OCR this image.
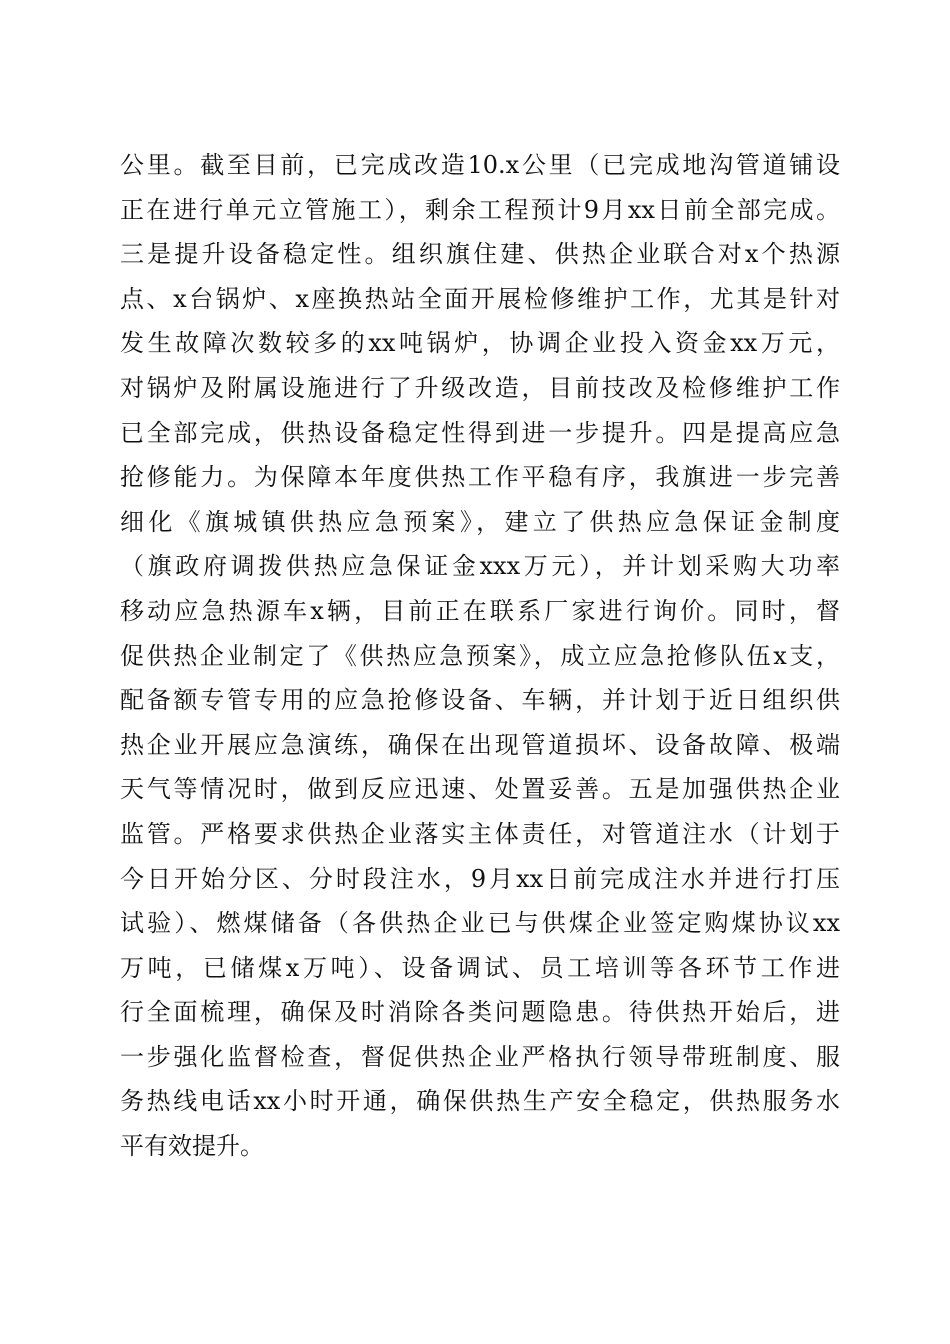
公里。截至目前，已完成改造10.x公里（已完成地沟管道铺设
正在进行单元立管施工），剩余工程预计9月xx日前全部完成。
三是提升设备稳定性。组织旗住建、供热企业联合对x个热源
点、x台锅炉、x座换热站全面开展检修维护工作，尤其是针对
发生故障次数较多的xx吨锅炉，协调企业投入资金xx万元，
对锅炉及附属设施进行了升级改造，目前技改及检修维护工作
已全部完成，供热设备稳定性得到进一步提升。四是提高应急
抢修能力。为保障本年度供热工作平稳有序，我旗进一步完善
细化《旗城镇供热应急预案》，建立了供热应急保证金制度
（旗政府调拨供热应急保证金xxx万元），并计划采购大功率
移动应急热源车x辆，目前正在联系厂家进行询价。同时，督
促供热企业制定了《供热应急预案》，成立应急抢修队伍x支，
配备额专管专用的应急抢修设备、车辆，并计划于近日组织供
热企业开展应急演练，确保在出现管道损坏、设备故障、极端
天气等情况时，做到反应迅速、处置妥善。五是加强供热企业
监管。严格要求供热企业落实主体责任，对管道注水（计划于
今日开始分区、分时段注水，9月xx日前完成注水并进行打压
试验）、燃煤储备（各供热企业已与供煤企业签定购煤协议xx
万吨，已储煤x万吨）、设备调试、员工培训等各环节工作进
行全面梳理，确保及时消除各类问题隐患。待供热开始后，进
一步强化监督检查，督促供热企业严格执行领导带班制度、服
务热线电话xx小时开通，确保供热生产安全稳定，供热服务水
平有效提升。
